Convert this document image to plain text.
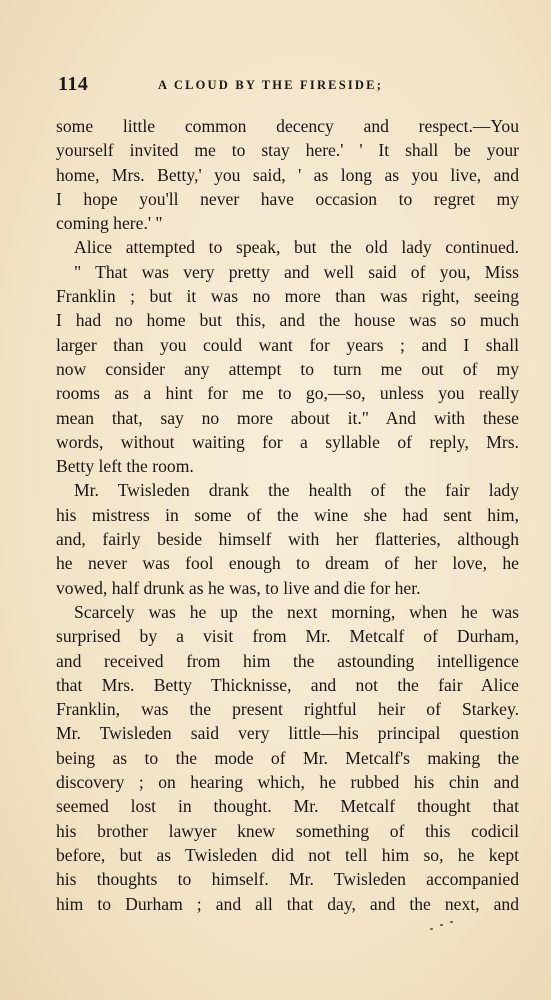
114	A CLOUD BY THE FIRESIDE;
some little common decency and respect.—You
yourself invited me to stay here.' ' It shall be your
home, Mrs. Betty,' you said, ' as long as you live, and
I hope you'll never have occasion to regret my
coming here.' "
Alice attempted to speak, but the old lady continued.
" That was very pretty and well said of you, Miss
Franklin ; but it was no more than was right, seeing
I had no home but this, and the house was so much
larger than you could want for years ; and I shall
now consider any attempt to turn me out of my
rooms as a hint for me to go,—so, unless you really
mean that, say no more about it." And with these
words, without waiting for a syllable of reply, Mrs.
Betty left the room.
Mr. Twisleden drank the health of the fair lady
his mistress in some of the wine she had sent him,
and, fairly beside himself with her flatteries, although
he never was fool enough to dream of her love, he
vowed, half drunk as he was, to live and die for her.
Scarcely was he up the next morning, when he was
surprised by a visit from Mr. Metcalf of Durham,
and received from him the astounding intelligence
that Mrs. Betty Thicknisse, and not the fair Alice
Franklin, was the present rightful heir of Starkey.
Mr. Twisleden said very little—his principal question
being as to the mode of Mr. Metcalf's making the
discovery ; on hearing which, he rubbed his chin and
seemed lost in thought. Mr. Metcalf thought that
his brother lawyer knew something of this codicil
before, but as Twisleden did not tell him so, he kept
his thoughts to himself. Mr. Twisleden accompanied
him to Durham ; and all that day, and the next, and
